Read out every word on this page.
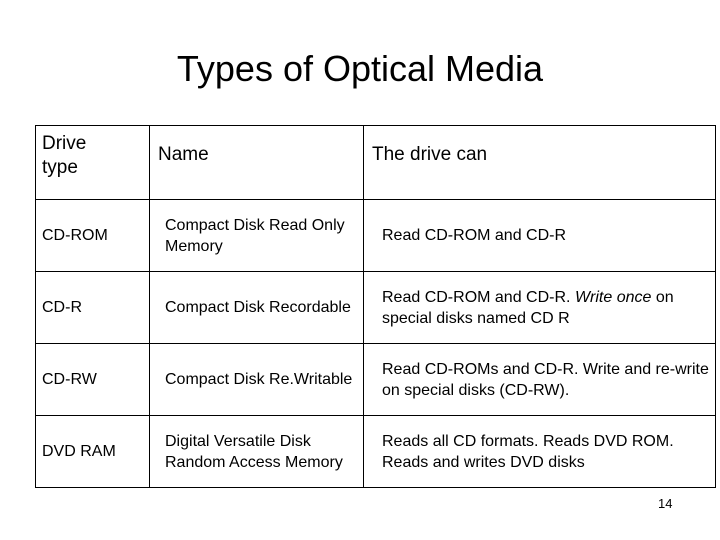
Types of Optical Media
Drive
type	Name	The drive can
CD-ROM	Compact Disk Read Only Memory	Read CD-ROM and CD-R
CD-R	Compact Disk Recordable	Read CD-ROM and CD-R. Write once on special disks named CD R
CD-RW	Compact Disk Re.Writable	Read CD-ROMs and CD-R. Write and re-write on special disks (CD-RW).
DVD RAM	Digital Versatile Disk Random Access Memory	Reads all CD formats. Reads DVD ROM. Reads and writes DVD disks
14
